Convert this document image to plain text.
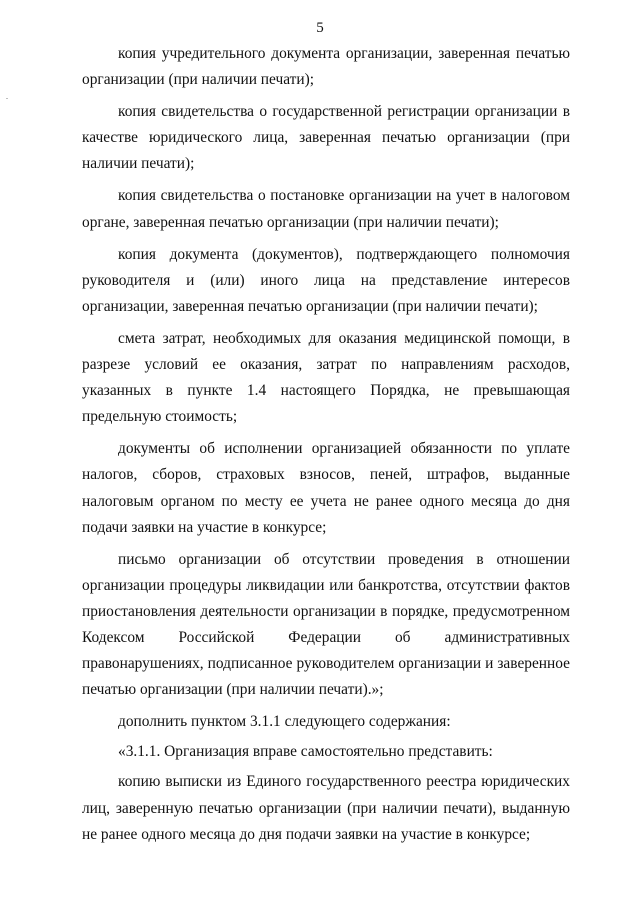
5
.

копия учредительного документа организации, заверенная печатью организации (при наличии печати);

копия свидетельства о государственной регистрации организации в качестве юридического лица, заверенная печатью организации (при наличии печати);

копия свидетельства о постановке организации на учет в налоговом органе, заверенная печатью организации (при наличии печати);

копия документа (документов), подтверждающего полномочия руководителя и (или) иного лица на представление интересов организации, заверенная печатью организации (при наличии печати);

смета затрат, необходимых для оказания медицинской помощи, в разрезе условий ее оказания, затрат по направлениям расходов, указанных в пункте 1.4 настоящего Порядка, не превышающая предельную стоимость;

документы об исполнении организацией обязанности по уплате налогов, сборов, страховых взносов, пеней, штрафов, выданные налоговым органом по месту ее учета не ранее одного месяца до дня подачи заявки на участие в конкурсе;

письмо организации об отсутствии проведения в отношении организации процедуры ликвидации или банкротства, отсутствии фактов приостановления деятельности организации в порядке, предусмотренном Кодексом Российской Федерации об административных правонарушениях, подписанное руководителем организации и заверенное печатью организации (при наличии печати).»;

дополнить пунктом 3.1.1 следующего содержания:

«3.1.1. Организация вправе самостоятельно представить:

копию выписки из Единого государственного реестра юридических лиц, заверенную печатью организации (при наличии печати), выданную не ранее одного месяца до дня подачи заявки на участие в конкурсе;
